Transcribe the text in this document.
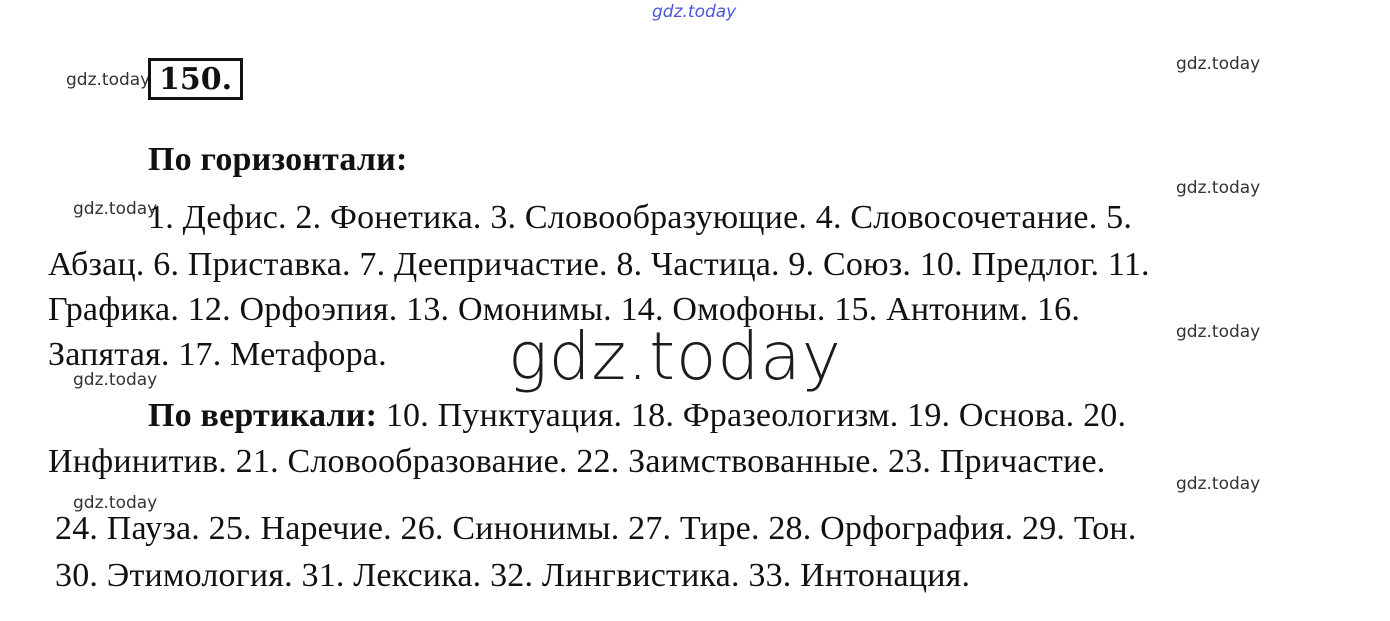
gdz.today
gdz.today
gdz.today
gdz.today
gdz.today
gdz.today
gdz.today
gdz.today
gdz.today
150.
По горизонтали:
1. Дефис. 2. Фонетика. 3. Словообразующие. 4. Словосочетание. 5.
Абзац. 6. Приставка. 7. Деепричастие. 8. Частица. 9. Союз. 10. Предлог. 11.
Графика. 12. Орфоэпия. 13. Омонимы. 14. Омофоны. 15. Антоним. 16.
Запятая. 17. Метафора. gdz.today
По вертикали: 10. Пунктуация. 18. Фразеологизм. 19. Основа. 20.
Инфинитив. 21. Словообразование. 22. Заимствованные. 23. Причастие.
24. Пауза. 25. Наречие. 26. Синонимы. 27. Тире. 28. Орфография. 29. Тон.
30. Этимология. 31. Лексика. 32. Лингвистика. 33. Интонация.
